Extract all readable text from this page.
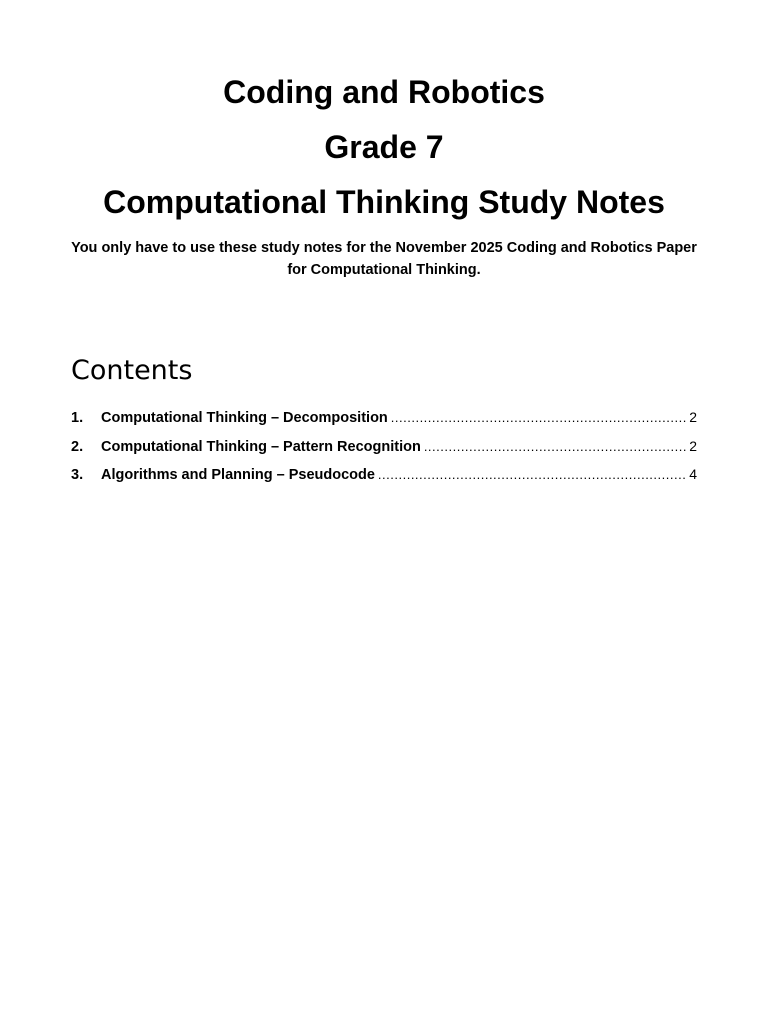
Coding and Robotics

Grade 7

Computational Thinking Study Notes

You only have to use these study notes for the November 2025 Coding and Robotics Paper for Computational Thinking.

Contents
1.	Computational Thinking – Decomposition .....	2
2.	Computational Thinking – Pattern Recognition .....	2
3.	Algorithms and Planning – Pseudocode .....	4
